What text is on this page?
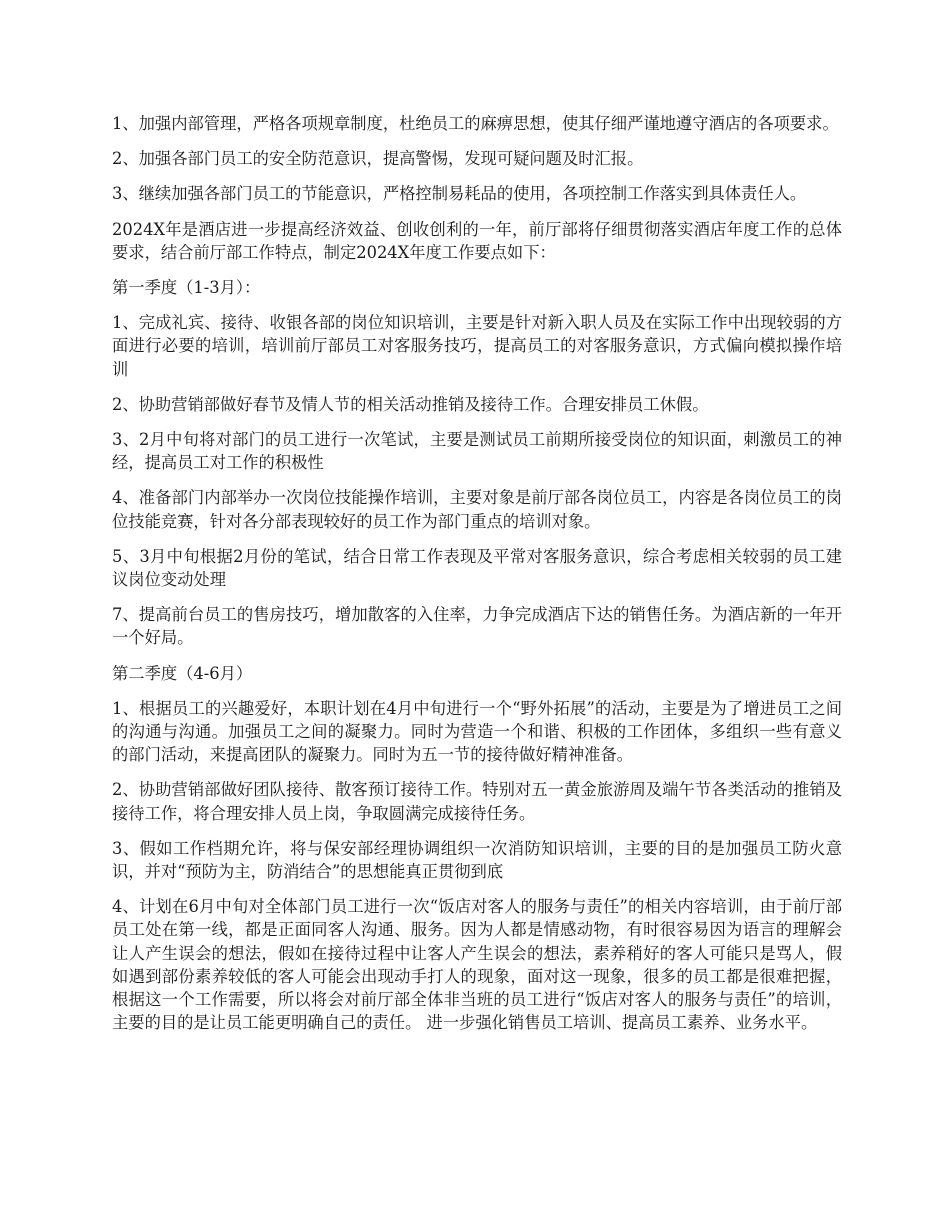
1、加强内部管理，严格各项规章制度，杜绝员工的麻痹思想，使其仔细严谨地遵守酒店的各项要求。

2、加强各部门员工的安全防范意识，提高警惕，发现可疑问题及时汇报。

3、继续加强各部门员工的节能意识，严格控制易耗品的使用，各项控制工作落实到具体责任人。

2024X年是酒店进一步提高经济效益、创收创利的一年，前厅部将仔细贯彻落实酒店年度工作的总体要求，结合前厅部工作特点，制定2024X年度工作要点如下：

第一季度（1-3月）：

1、完成礼宾、接待、收银各部的岗位知识培训，主要是针对新入职人员及在实际工作中出现较弱的方面进行必要的培训，培训前厅部员工对客服务技巧，提高员工的对客服务意识，方式偏向模拟操作培训

2、协助营销部做好春节及情人节的相关活动推销及接待工作。合理安排员工休假。

3、2月中旬将对部门的员工进行一次笔试，主要是测试员工前期所接受岗位的知识面，刺激员工的神经，提高员工对工作的积极性

4、准备部门内部举办一次岗位技能操作培训，主要对象是前厅部各岗位员工，内容是各岗位员工的岗位技能竞赛，针对各分部表现较好的员工作为部门重点的培训对象。

5、3月中旬根据2月份的笔试，结合日常工作表现及平常对客服务意识，综合考虑相关较弱的员工建议岗位变动处理

7、提高前台员工的售房技巧，增加散客的入住率，力争完成酒店下达的销售任务。为酒店新的一年开一个好局。

第二季度（4-6月）

1、根据员工的兴趣爱好，本职计划在4月中旬进行一个“野外拓展”的活动，主要是为了增进员工之间的沟通与沟通。加强员工之间的凝聚力。同时为营造一个和谐、积极的工作团体，多组织一些有意义的部门活动，来提高团队的凝聚力。同时为五一节的接待做好精神准备。

2、协助营销部做好团队接待、散客预订接待工作。特别对五一黄金旅游周及端午节各类活动的推销及接待工作，将合理安排人员上岗，争取圆满完成接待任务。

3、假如工作档期允许，将与保安部经理协调组织一次消防知识培训，主要的目的是加强员工防火意识，并对“预防为主，防消结合”的思想能真正贯彻到底

4、计划在6月中旬对全体部门员工进行一次“饭店对客人的服务与责任”的相关内容培训，由于前厅部员工处在第一线，都是正面同客人沟通、服务。因为人都是情感动物，有时很容易因为语言的理解会让人产生误会的想法，假如在接待过程中让客人产生误会的想法，素养稍好的客人可能只是骂人，假如遇到部份素养较低的客人可能会出现动手打人的现象，面对这一现象，很多的员工都是很难把握，根据这一个工作需要，所以将会对前厅部全体非当班的员工进行“饭店对客人的服务与责任”的培训，主要的目的是让员工能更明确自己的责任。 进一步强化销售员工培训、提高员工素养、业务水平。
